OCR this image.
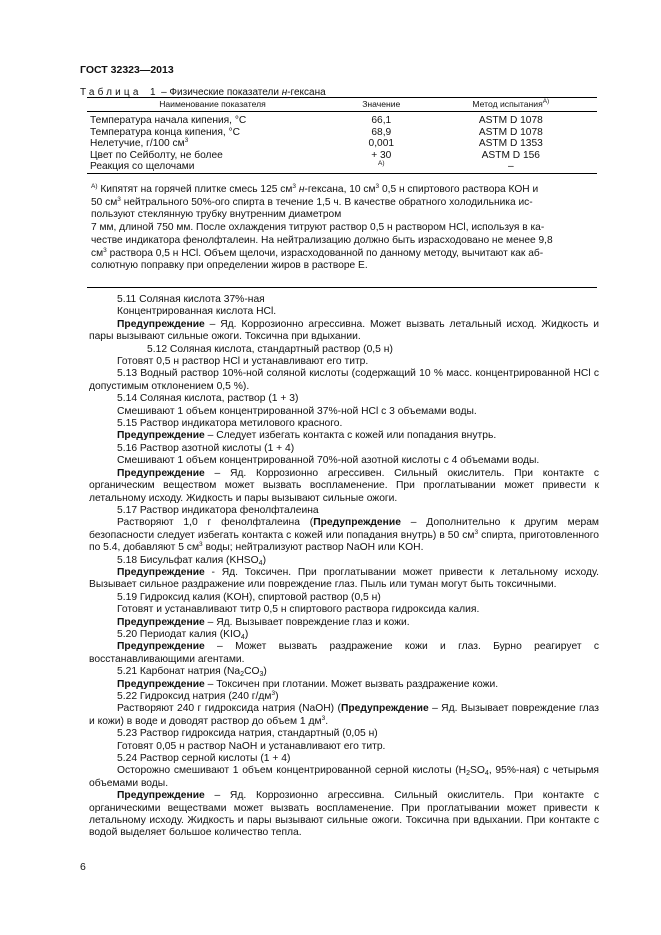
ГОСТ 32323—2013
Таблица 1 – Физические показатели н-гексана
Наименование показателя	Значение	Метод испытания$^{А)}$
Температура начала кипения, °С	66,1	ASTM D 1078
Температура конца кипения, °С	68,9	ASTM D 1078
Нелетучие, г/100 $см^3$	0,001	ASTM D 1353
Цвет по Сейболту, не более	+ 30	ASTM D 156
Реакция со щелочами	$^{А)}$	–

$^{А)}$ Кипятят на горячей плитке смесь 125 $см^3$ н-гексана, 10 $см^3$ 0,5 н спиртового раствора КОН и

50 $см^3$ нейтрального 50%-ого спирта в течение 1,5 ч. В качестве обратного холодильника ис-

пользуют стеклянную трубку внутренним диаметром

7 мм, длиной 750 мм. После охлаждения титруют раствор 0,5 н раствором HCl, используя в ка-

честве индикатора фенолфталеин. На нейтрализацию должно быть израсходовано не менее 9,8

$см^3$ раствора 0,5 н HCl. Объем щелочи, израсходованной по данному методу, вычитают как аб-

солютную поправку при определении жиров в растворе Е.

5.11 Соляная кислота 37%-ная

Концентрированная кислота HCl.

Предупреждение – Яд. Коррозионно агрессивна. Может вызвать летальный исход. Жидкость и пары вызывают сильные ожоги. Токсична при вдыхании.

5.12 Соляная кислота, стандартный раствор (0,5 н)

Готовят 0,5 н раствор HCl и устанавливают его титр.

5.13 Водный раствор 10%-ной соляной кислоты (содержащий 10 % масс. концентрированной HCl с допустимым отклонением 0,5 %).

5.14 Соляная кислота, раствор (1 + 3)

Смешивают 1 объем концентрированной 37%-ной HCl с 3 объемами воды.

5.15 Раствор индикатора метилового красного.

Предупреждение – Следует избегать контакта с кожей или попадания внутрь.

5.16 Раствор азотной кислоты (1 + 4)

Смешивают 1 объем концентрированной 70%-ной азотной кислоты с 4 объемами воды.

Предупреждение – Яд. Коррозионно агрессивен. Сильный окислитель. При контакте с органическим веществом может вызвать воспламенение. При проглатывании может привести к летальному исходу. Жидкость и пары вызывают сильные ожоги.

5.17 Раствор индикатора фенолфталеина

Растворяют 1,0 г фенолфталеина (Предупреждение – Дополнительно к другим мерам безопасности следует избегать контакта с кожей или попадания внутрь) в 50 $см^3$ спирта, приготовленного по 5.4, добавляют 5 $см^3$ воды; нейтрализуют раствор NaOH или KOH.

5.18 Бисульфат калия $(KHSO_4)$

Предупреждение - Яд. Токсичен. При проглатывании может привести к летальному исходу. Вызывает сильное раздражение или повреждение глаз. Пыль или туман могут быть токсичными.

5.19 Гидроксид калия (KOH), спиртовой раствор (0,5 н)

Готовят и устанавливают титр 0,5 н спиртового раствора гидроксида калия.

Предупреждение – Яд. Вызывает повреждение глаз и кожи.

5.20 Периодат калия $(KIO_4)$

Предупреждение – Может вызвать раздражение кожи и глаз. Бурно реагирует с восстанавливающими агентами.

5.21 Карбонат натрия $(Na_2CO_3)$

Предупреждение – Токсичен при глотании. Может вызвать раздражение кожи.

5.22 Гидроксид натрия (240 $г/дм^3$)

Растворяют 240 г гидроксида натрия (NaOH) (Предупреждение – Яд. Вызывает повреждение глаз и кожи) в воде и доводят раствор до объем 1 $дм^3$.

5.23 Раствор гидроксида натрия, стандартный (0,05 н)

Готовят 0,05 н раствор NaOH и устанавливают его титр.

5.24 Раствор серной кислоты (1 + 4)

Осторожно смешивают 1 объем концентрированной серной кислоты ($H_2SO_4$, 95%-ная) с четырьмя объемами воды.

Предупреждение – Яд. Коррозионно агрессивна. Сильный окислитель. При контакте с органическими веществами может вызвать воспламенение. При проглатывании может привести к летальному исходу. Жидкость и пары вызывают сильные ожоги. Токсична при вдыхании. При контакте с водой выделяет большое количество тепла.

6
